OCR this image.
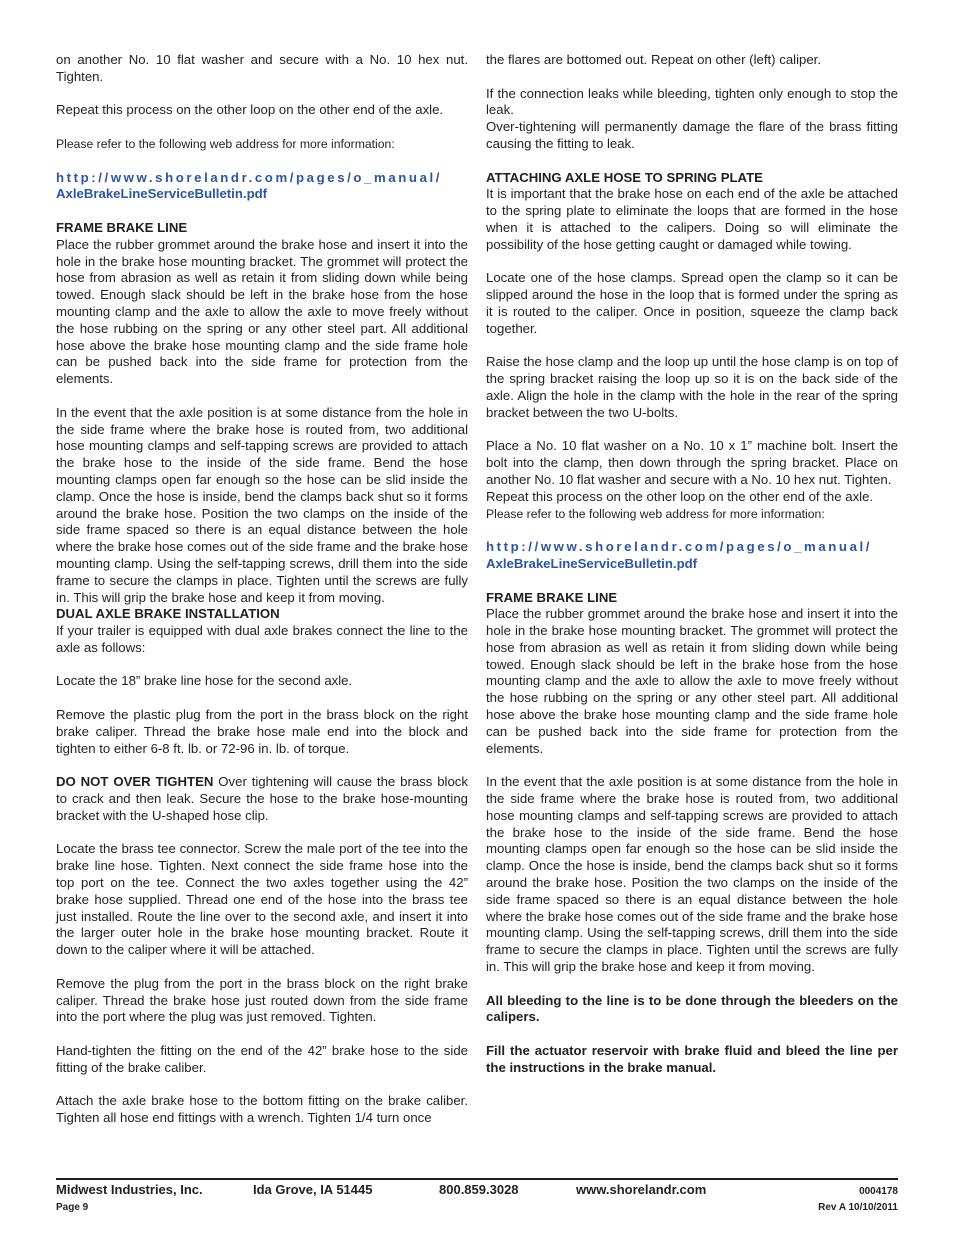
on another No. 10 flat washer and secure with a No. 10 hex nut. Tighten.

Repeat this process on the other loop on the other end of the axle.

Please refer to the following web address for more information:

http://www.shorelandr.com/pages/o_manual/

AxleBrakeLineServiceBulletin.pdf

FRAME BRAKE LINE

Place the rubber grommet around the brake hose and insert it into the hole in the brake hose mounting bracket. The grommet will protect the hose from abrasion as well as retain it from sliding down while being towed. Enough slack should be left in the brake hose from the hose mounting clamp and the axle to allow the axle to move freely without the hose rubbing on the spring or any other steel part. All additional hose above the brake hose mounting clamp and the side frame hole can be pushed back into the side frame for protection from the elements.

In the event that the axle position is at some distance from the hole in the side frame where the brake hose is routed from, two additional hose mounting clamps and self-tapping screws are provided to attach the brake hose to the inside of the side frame. Bend the hose mounting clamps open far enough so the hose can be slid inside the clamp. Once the hose is inside, bend the clamps back shut so it forms around the brake hose. Position the two clamps on the inside of the side frame spaced so there is an equal distance between the hole where the brake hose comes out of the side frame and the brake hose mounting clamp. Using the self-tapping screws, drill them into the side frame to secure the clamps in place. Tighten until the screws are fully in. This will grip the brake hose and keep it from moving.

DUAL AXLE BRAKE INSTALLATION

If your trailer is equipped with dual axle brakes connect the line to the axle as follows:

Locate the 18” brake line hose for the second axle.

Remove the plastic plug from the port in the brass block on the right brake caliper. Thread the brake hose male end into the block and tighten to either 6-8 ft. lb. or 72-96 in. lb. of torque.

DO NOT OVER TIGHTEN Over tightening will cause the brass block to crack and then leak. Secure the hose to the brake hose-mounting bracket with the U-shaped hose clip.

Locate the brass tee connector. Screw the male port of the tee into the brake line hose. Tighten. Next connect the side frame hose into the top port on the tee. Connect the two axles together using the 42” brake hose supplied. Thread one end of the hose into the brass tee just installed. Route the line over to the second axle, and insert it into the larger outer hole in the brake hose mounting bracket. Route it down to the caliper where it will be attached.

Remove the plug from the port in the brass block on the right brake caliper. Thread the brake hose just routed down from the side frame into the port where the plug was just removed. Tighten.

Hand-tighten the fitting on the end of the 42” brake hose to the side fitting of the brake caliber.

Attach the axle brake hose to the bottom fitting on the brake caliber. Tighten all hose end fittings with a wrench. Tighten 1/4 turn once

the flares are bottomed out. Repeat on other (left) caliper.

If the connection leaks while bleeding, tighten only enough to stop the leak.

Over-tightening will permanently damage the flare of the brass fitting causing the fitting to leak.

ATTACHING AXLE HOSE TO SPRING PLATE

It is important that the brake hose on each end of the axle be attached to the spring plate to eliminate the loops that are formed in the hose when it is attached to the calipers. Doing so will eliminate the possibility of the hose getting caught or damaged while towing.

Locate one of the hose clamps. Spread open the clamp so it can be slipped around the hose in the loop that is formed under the spring as it is routed to the caliper. Once in position, squeeze the clamp back together.

Raise the hose clamp and the loop up until the hose clamp is on top of the spring bracket raising the loop up so it is on the back side of the axle. Align the hole in the clamp with the hole in the rear of the spring bracket between the two U-bolts.

Place a No. 10 flat washer on a No. 10 x 1” machine bolt. Insert the bolt into the clamp, then down through the spring bracket. Place on another No. 10 flat washer and secure with a No. 10 hex nut. Tighten.

Repeat this process on the other loop on the other end of the axle.

Please refer to the following web address for more information:

http://www.shorelandr.com/pages/o_manual/

AxleBrakeLineServiceBulletin.pdf

FRAME BRAKE LINE

Place the rubber grommet around the brake hose and insert it into the hole in the brake hose mounting bracket. The grommet will protect the hose from abrasion as well as retain it from sliding down while being towed. Enough slack should be left in the brake hose from the hose mounting clamp and the axle to allow the axle to move freely without the hose rubbing on the spring or any other steel part. All additional hose above the brake hose mounting clamp and the side frame hole can be pushed back into the side frame for protection from the elements.

In the event that the axle position is at some distance from the hole in the side frame where the brake hose is routed from, two additional hose mounting clamps and self-tapping screws are provided to attach the brake hose to the inside of the side frame. Bend the hose mounting clamps open far enough so the hose can be slid inside the clamp. Once the hose is inside, bend the clamps back shut so it forms around the brake hose. Position the two clamps on the inside of the side frame spaced so there is an equal distance between the hole where the brake hose comes out of the side frame and the brake hose mounting clamp. Using the self-tapping screws, drill them into the side frame to secure the clamps in place. Tighten until the screws are fully in. This will grip the brake hose and keep it from moving.

All bleeding to the line is to be done through the bleeders on the calipers.

Fill the actuator reservoir with brake fluid and bleed the line per the instructions in the brake manual.

Midwest Industries, Inc.	Ida Grove, IA 51445	800.859.3028	www.shorelandr.com	0004178
Page 9	Rev A 10/10/2011
